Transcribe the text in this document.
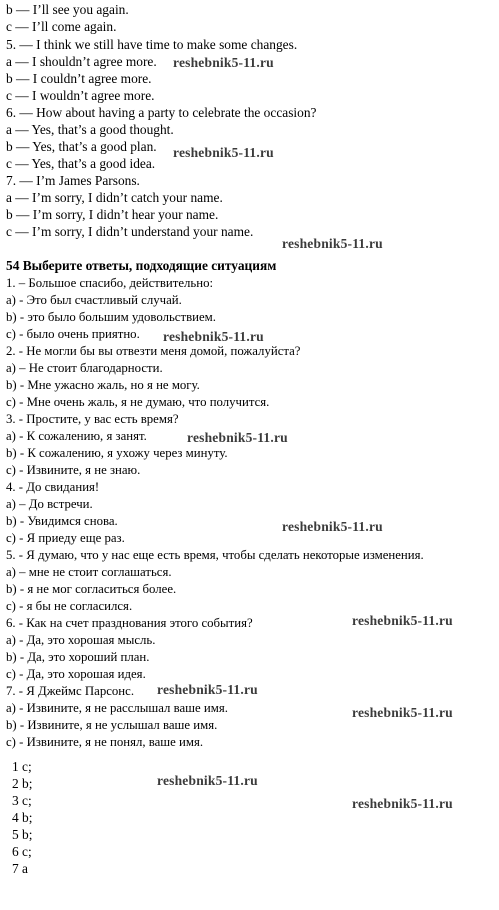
b — I’ll see you again.
c — I’ll come again.
5. — I think we still have time to make some changes.
a — I shouldn’t agree more.
b — I couldn’t agree more.
c — I wouldn’t agree more.
6. — How about having a party to celebrate the occasion?
a — Yes, that’s a good thought.
b — Yes, that’s a good plan.
c — Yes, that’s a good idea.
7. — I’m James Parsons.
a — I’m sorry, I didn’t catch your name.
b — I’m sorry, I didn’t hear your name.
c — I’m sorry, I didn’t understand your name.
54 Выберите ответы, подходящие ситуациям
1. – Большое спасибо, действительно:
a) - Это был счастливый случай.
b) - это было большим удовольствием.
c) - было очень приятно.
2. - Не могли бы вы отвезти меня домой, пожалуйста?
a) – Не стоит благодарности.
b) - Мне ужасно жаль, но я не могу.
c) - Мне очень жаль, я не думаю, что получится.
3. - Простите, у вас есть время?
a) - К сожалению, я занят.
b) - К сожалению, я ухожу через минуту.
c) - Извините, я не знаю.
4. - До свидания!
a) – До встречи.
b) - Увидимся снова.
c) - Я приеду еще раз.
5. - Я думаю, что у нас еще есть время, чтобы сделать некоторые изменения.
a) – мне не стоит соглашаться.
b) - я не мог согласиться более.
c) - я бы не согласился.
6. - Как на счет празднования этого события?
a) - Да, это хорошая мысль.
b) - Да, это хороший план.
c) - Да, это хорошая идея.
7. - Я Джеймс Парсонс.
a) - Извините, я не расслышал ваше имя.
b) - Извините, я не услышал ваше имя.
c) - Извините, я не понял, ваше имя.
1 c;
2 b;
3 c;
4 b;
5 b;
6 c;
7 a
reshebnik5-11.ru
reshebnik5-11.ru
reshebnik5-11.ru
reshebnik5-11.ru
reshebnik5-11.ru
reshebnik5-11.ru
reshebnik5-11.ru
reshebnik5-11.ru
reshebnik5-11.ru
reshebnik5-11.ru
reshebnik5-11.ru
